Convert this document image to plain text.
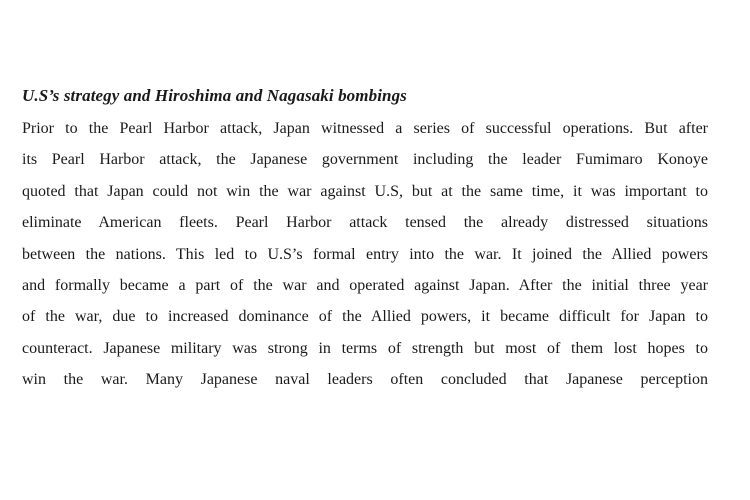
U.S’s strategy and Hiroshima and Nagasaki bombings
Prior to the Pearl Harbor attack, Japan witnessed a series of successful operations. But after
its Pearl Harbor attack, the Japanese government including the leader Fumimaro Konoye
quoted that Japan could not win the war against U.S, but at the same time, it was important to
eliminate American fleets. Pearl Harbor attack tensed the already distressed situations
between the nations. This led to U.S’s formal entry into the war. It joined the Allied powers
and formally became a part of the war and operated against Japan. After the initial three year
of the war, due to increased dominance of the Allied powers, it became difficult for Japan to
counteract. Japanese military was strong in terms of strength but most of them lost hopes to
win the war. Many Japanese naval leaders often concluded that Japanese perception
